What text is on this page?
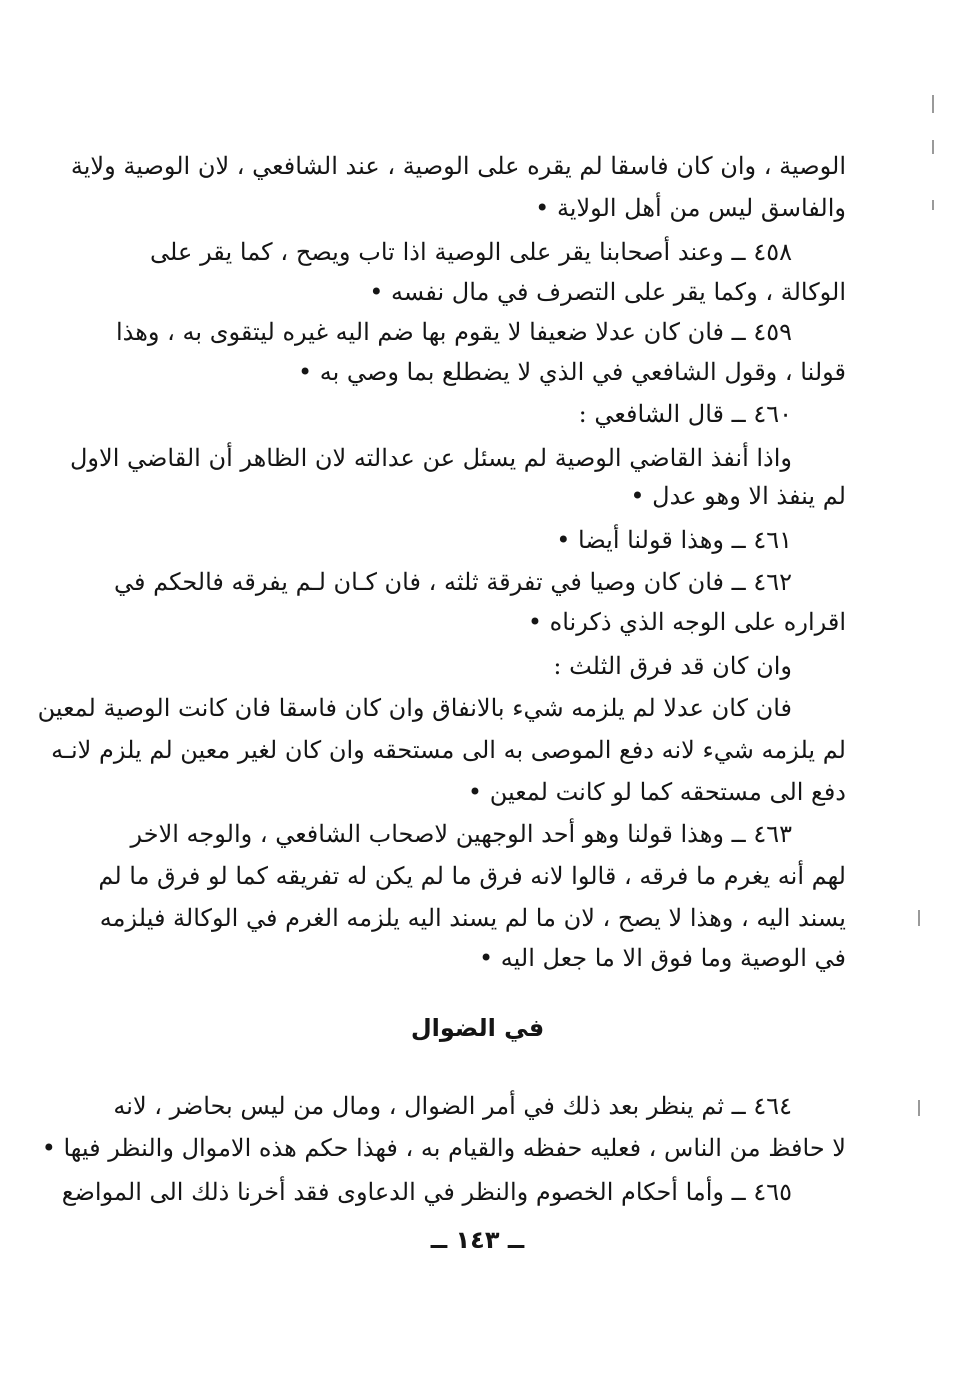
الوصية ، وان كان فاسقا لم يقره على الوصية ، عند الشافعي ، لان الوصية ولاية
والفاسق ليس من أهل الولاية •
٤٥٨ ــ وعند أصحابنا يقر على الوصية اذا تاب ويصح ، كما يقر على
الوكالة ، وكما يقر على التصرف في مال نفسه •
٤٥٩ ــ فان كان عدلا ضعيفا لا يقوم بها ضم اليه غيره ليتقوى به ، وهذا
قولنا ، وقول الشافعي في الذي لا يضطلع بما وصي به •
٤٦٠ ــ قال الشافعي :
واذا أنفذ القاضي الوصية لم يسئل عن عدالته لان الظاهر أن القاضي الاول
لم ينفذ الا وهو عدل •
٤٦١ ــ وهذا قولنا أيضا •
٤٦٢ ــ فان كان وصيا في تفرقة ثلثه ، فان كـان لـم يفرقه فالحكم في
اقراره على الوجه الذي ذكرناه •
وان كان قد فرق الثلث :
فان كان عدلا لم يلزمه شيء بالانفاق وان كان فاسقا فان كانت الوصية لمعين
لم يلزمه شيء لانه دفع الموصى به الى مستحقه وان كان لغير معين لم يلزم لانـه
دفع الى مستحقه كما لو كانت لمعين •
٤٦٣ ــ وهذا قولنا وهو أحد الوجهين لاصحاب الشافعي ، والوجه الاخر
لهم أنه يغرم ما فرقه ، قالوا لانه فرق ما لم يكن له تفريقه كما لو فرق ما لم
يسند اليه ، وهذا لا يصح ، لان ما لم يسند اليه يلزمه الغرم في الوكالة فيلزمه
في الوصية وما فوق الا ما جعل اليه •
في الضوال
٤٦٤ ــ ثم ينظر بعد ذلك في أمر الضوال ، ومال من ليس بحاضر ، لانه
لا حافظ من الناس ، فعليه حفظه والقيام به ، فهذا حكم هذه الاموال والنظر فيها •
٤٦٥ ــ وأما أحكام الخصوم والنظر في الدعاوى فقد أخرنا ذلك الى المواضع
ــ ١٤٣ ــ
